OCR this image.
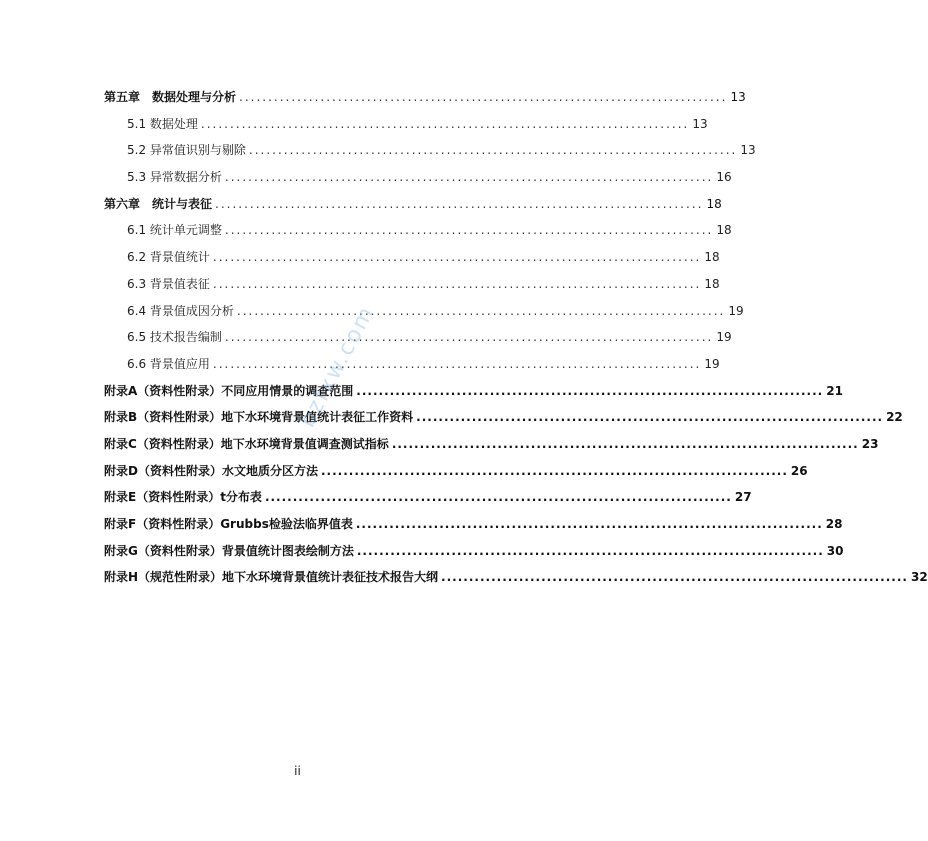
第五章　数据处理与分析 .................................................................................... 13
5.1 数据处理 .................................................................................... 13
5.2 异常值识别与剔除 .................................................................................... 13
5.3 异常数据分析 .................................................................................... 16
第六章　统计与表征 .................................................................................... 18
6.1 统计单元调整 .................................................................................... 18
6.2 背景值统计 .................................................................................... 18
6.3 背景值表征 .................................................................................... 18
6.4 背景值成因分析 .................................................................................... 19
6.5 技术报告编制 .................................................................................... 19
6.6 背景值应用 .................................................................................... 19
附录A（资料性附录）不同应用情景的调查范围 .................................................................................... 21
附录B（资料性附录）地下水环境背景值统计表征工作资料 .................................................................................... 22
附录C（资料性附录）地下水环境背景值调查测试指标 .................................................................................... 23
附录D（资料性附录）水文地质分区方法 .................................................................................... 26
附录E（资料性附录）t分布表 .................................................................................... 27
附录F（资料性附录）Grubbs检验法临界值表 .................................................................................... 28
附录G（资料性附录）背景值统计图表绘制方法 .................................................................................... 30
附录H（规范性附录）地下水环境背景值统计表征技术报告大纲 .................................................................................... 32
bzfxw.com
ii
